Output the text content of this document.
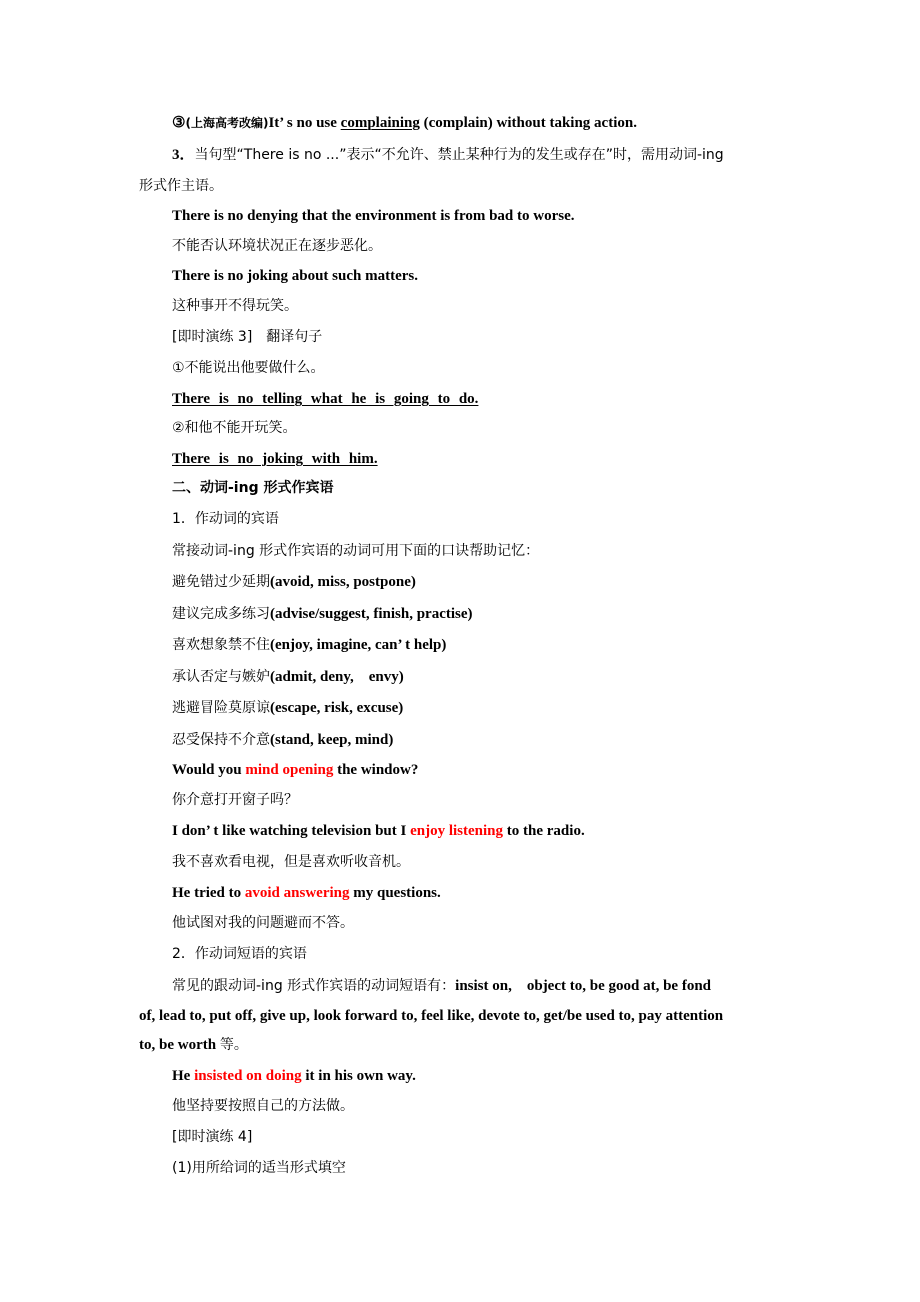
③(上海高考改编)It’ s no use complaining (complain) without taking action.
3．当句型“There is no ...”表示“不允许、禁止某种行为的发生或存在”时，需用动词-ing
形式作主语。
There is no denying that the environment is from bad to worse.
不能否认环境状况正在逐步恶化。
There is no joking about such matters.
这种事开不得玩笑。
[即时演练 3]　翻译句子
①不能说出他要做什么。
There is no telling what he is going to do.
②和他不能开玩笑。
There is no joking with him.
二、动词-ing 形式作宾语
1．作动词的宾语
常接动词-ing 形式作宾语的动词可用下面的口诀帮助记忆：
避免错过少延期(avoid, miss, postpone)
建议完成多练习(advise/suggest, finish, practise)
喜欢想象禁不住(enjoy, imagine, can’ t help)
承认否定与嫉妒(admit, deny,　envy)
逃避冒险莫原谅(escape, risk, excuse)
忍受保持不介意(stand, keep, mind)
Would you mind opening the window?
你介意打开窗子吗？
I don’ t like watching television but I enjoy listening to the radio.
我不喜欢看电视，但是喜欢听收音机。
He tried to avoid answering my questions.
他试图对我的问题避而不答。
2．作动词短语的宾语
常见的跟动词-ing 形式作宾语的动词短语有：insist on,　object to, be good at, be fond
of, lead to, put off, give up, look forward to, feel like, devote to, get/be used to, pay attention
to, be worth 等。
He insisted on doing it in his own way.
他坚持要按照自己的方法做。
[即时演练 4]
(1)用所给词的适当形式填空
